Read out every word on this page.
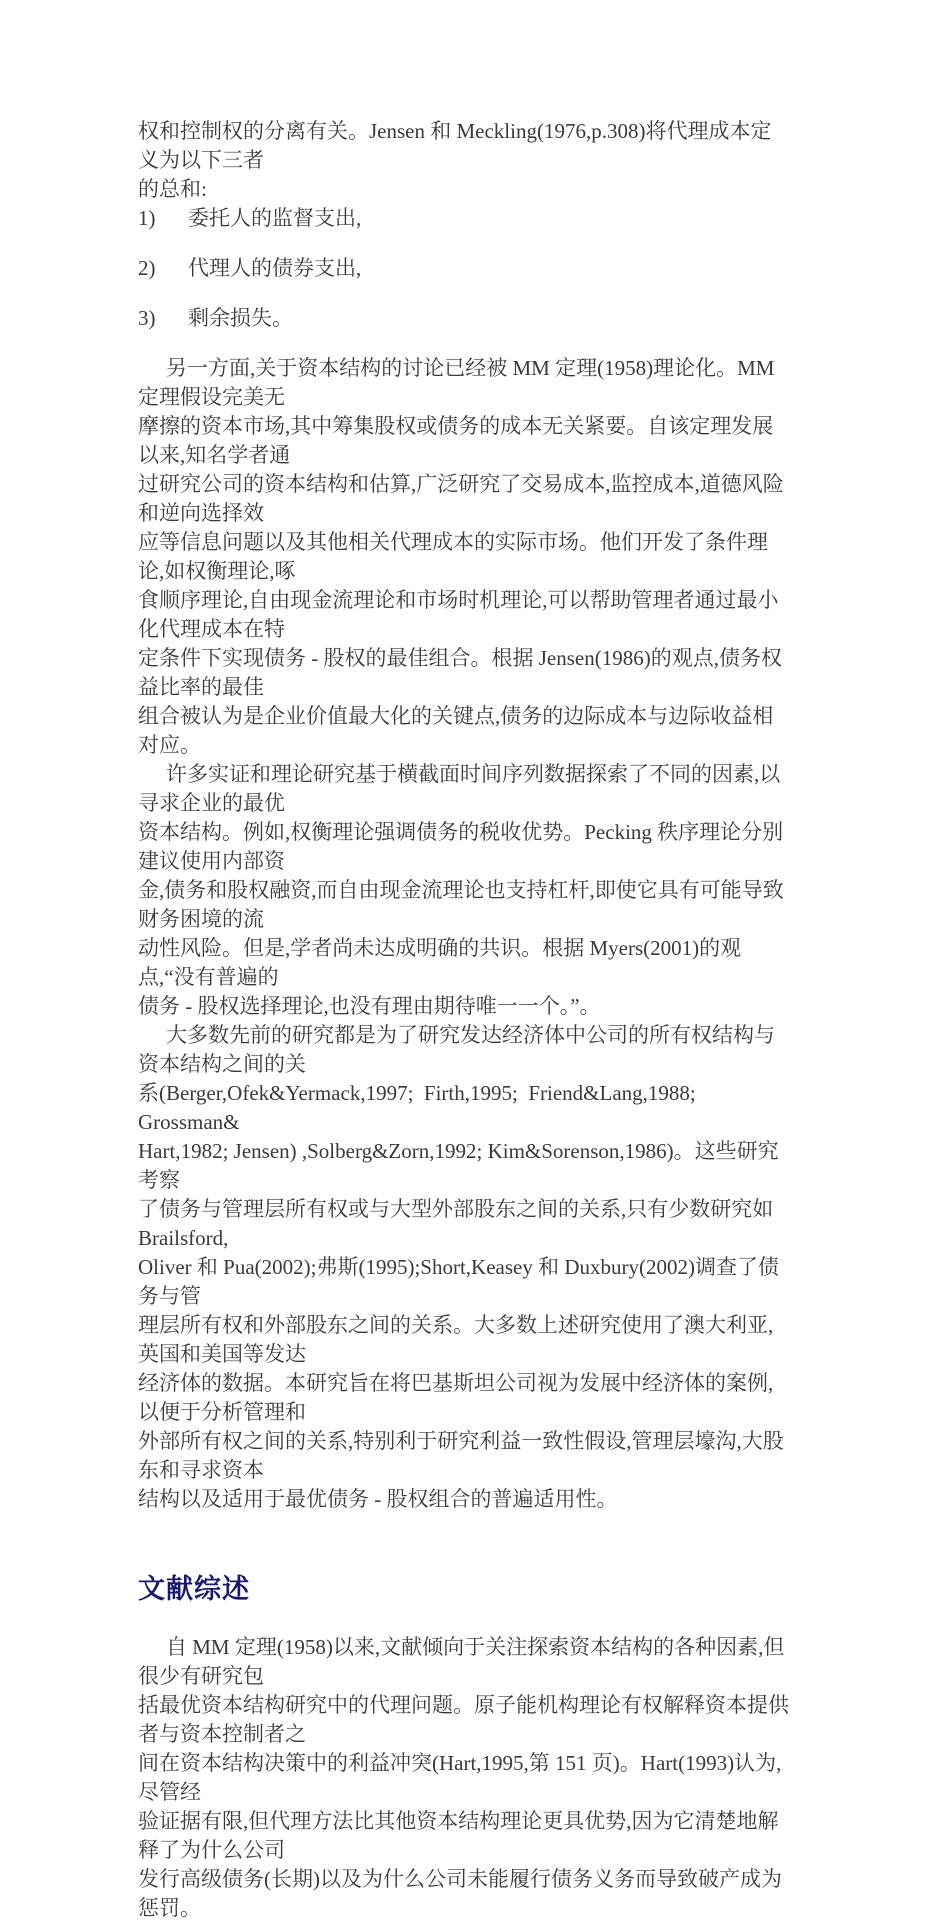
权和控制权的分离有关。Jensen 和 Meckling(1976,p.308)将代理成本定义为以下三者
的总和:
1)	委托人的监督支出,
2)	代理人的债券支出,
3)	剩余损失。
另一方面,关于资本结构的讨论已经被 MM 定理(1958)理论化。MM 定理假设完美无
摩擦的资本市场,其中筹集股权或债务的成本无关紧要。自该定理发展以来,知名学者通
过研究公司的资本结构和估算,广泛研究了交易成本,监控成本,道德风险和逆向选择效
应等信息问题以及其他相关代理成本的实际市场。他们开发了条件理论,如权衡理论,啄
食顺序理论,自由现金流理论和市场时机理论,可以帮助管理者通过最小化代理成本在特
定条件下实现债务 - 股权的最佳组合。根据 Jensen(1986)的观点,债务权益比率的最佳
组合被认为是企业价值最大化的关键点,债务的边际成本与边际收益相对应。
许多实证和理论研究基于横截面时间序列数据探索了不同的因素,以寻求企业的最优
资本结构。例如,权衡理论强调债务的税收优势。Pecking 秩序理论分别建议使用内部资
金,债务和股权融资,而自由现金流理论也支持杠杆,即使它具有可能导致财务困境的流
动性风险。但是,学者尚未达成明确的共识。根据 Myers(2001)的观点,“没有普遍的
债务 - 股权选择理论,也没有理由期待唯一一个。”。
大多数先前的研究都是为了研究发达经济体中公司的所有权结构与资本结构之间的关
系(Berger,Ofek&Yermack,1997;  Firth,1995;  Friend&Lang,1988;  Grossman&
Hart,1982; Jensen) ,Solberg&Zorn,1992; Kim&Sorenson,1986)。这些研究考察
了债务与管理层所有权或与大型外部股东之间的关系,只有少数研究如 Brailsford,
Oliver 和 Pua(2002);弗斯(1995);Short,Keasey 和 Duxbury(2002)调查了债务与管
理层所有权和外部股东之间的关系。大多数上述研究使用了澳大利亚,英国和美国等发达
经济体的数据。本研究旨在将巴基斯坦公司视为发展中经济体的案例,以便于分析管理和
外部所有权之间的关系,特别利于研究利益一致性假设,管理层壕沟,大股东和寻求资本
结构以及适用于最优债务 - 股权组合的普遍适用性。
文献综述
自 MM 定理(1958)以来,文献倾向于关注探索资本结构的各种因素,但很少有研究包
括最优资本结构研究中的代理问题。原子能机构理论有权解释资本提供者与资本控制者之
间在资本结构决策中的利益冲突(Hart,1995,第 151 页)。Hart(1993)认为,尽管经
验证据有限,但代理方法比其他资本结构理论更具优势,因为它清楚地解释了为什么公司
发行高级债务(长期)以及为什么公司未能履行债务义务而导致破产成为惩罚。
